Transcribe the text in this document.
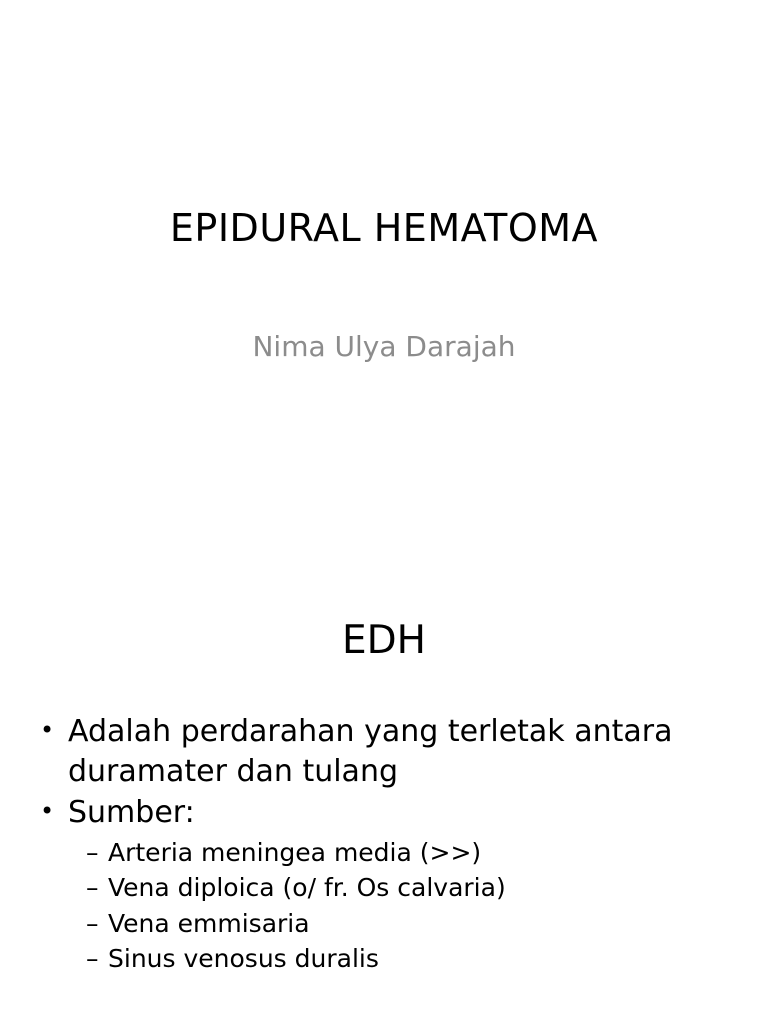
EPIDURAL HEMATOMA
Nima Ulya Darajah
EDH
• Adalah perdarahan yang terletak antara duramater dan tulang
• Sumber:
– Arteria meningea media (>>)
– Vena diploica (o/ fr. Os calvaria)
– Vena emmisaria
– Sinus venosus duralis
